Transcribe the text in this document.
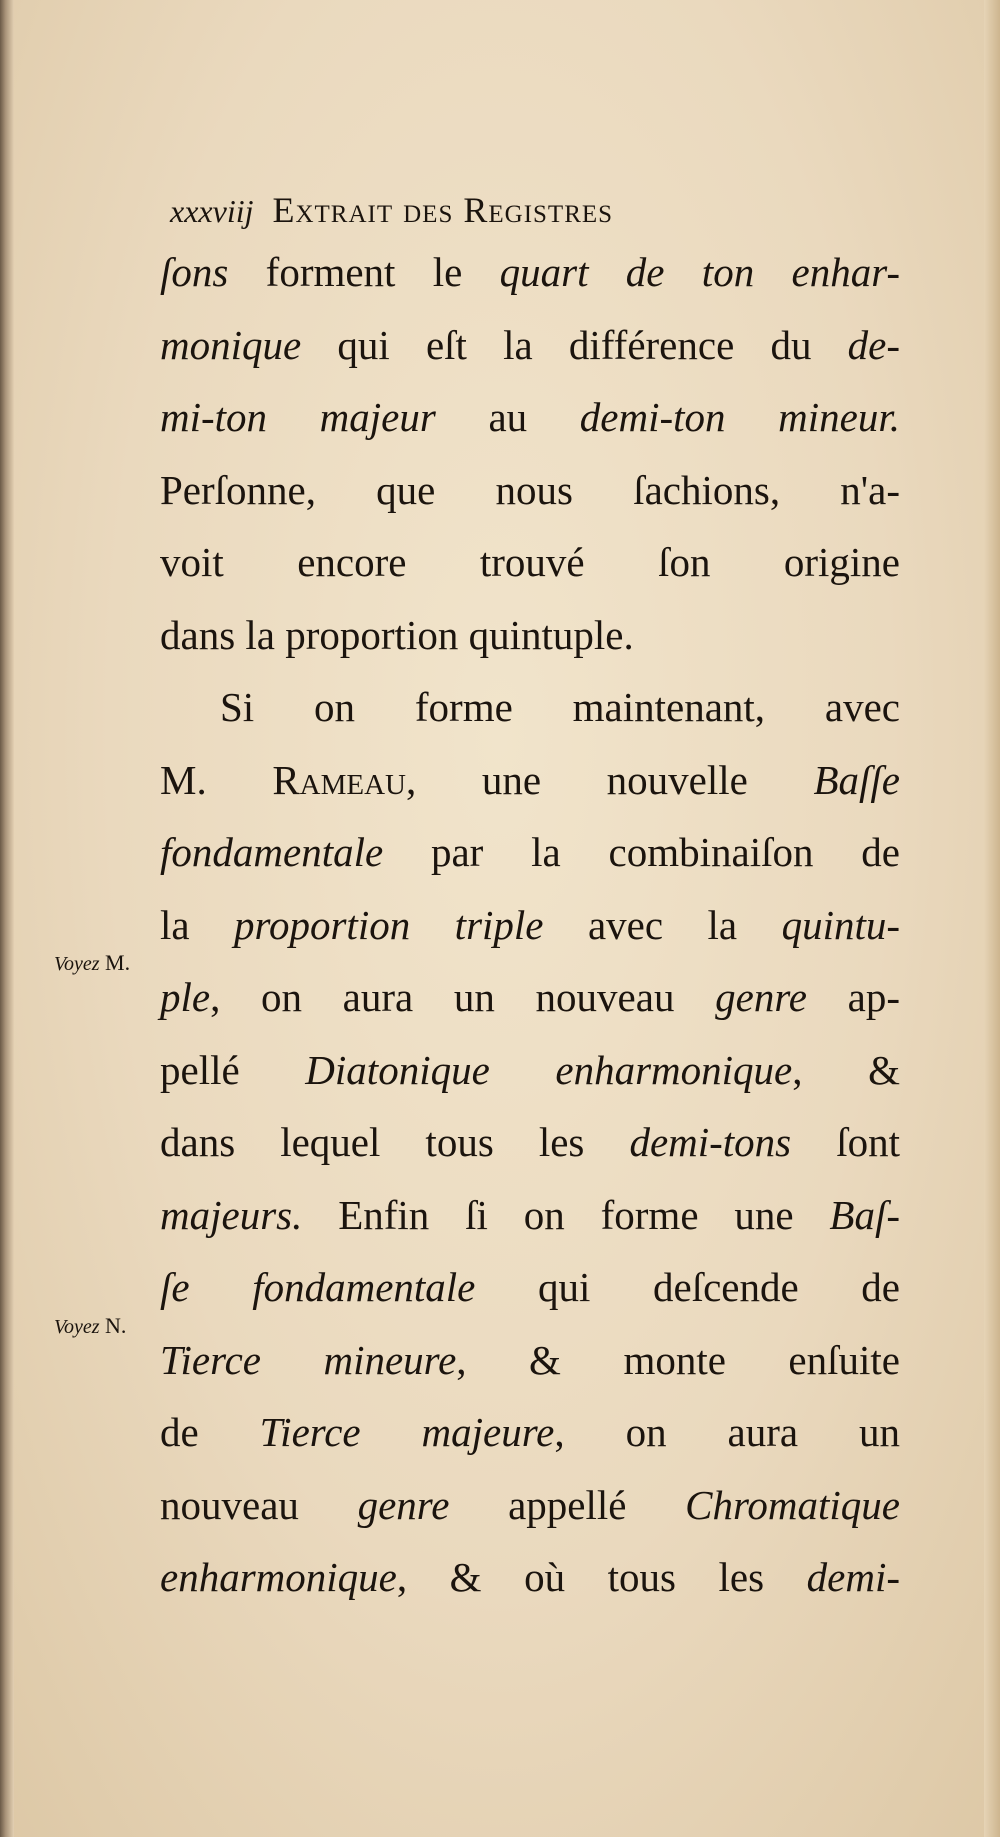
xxxviij Extrait des Registres
Voyez M.
Voyez N.
ſons forment le quart de ton enhar-
monique qui eſt la différence du de-
mi-ton majeur au demi-ton mineur.
Perſonne, que nous ſachions, n'a-
voit encore trouvé ſon origine
dans la proportion quintuple.
Si on forme maintenant, avec
M. Rameau, une nouvelle Baſſe
fondamentale par la combinaiſon de
la proportion triple avec la quintu-
ple, on aura un nouveau genre ap-
pellé Diatonique enharmonique, &
dans lequel tous les demi-tons ſont
majeurs. Enfin ſi on forme une Baſ-
ſe fondamentale qui deſcende de
Tierce mineure, & monte enſuite
de Tierce majeure, on aura un
nouveau genre appellé Chromatique
enharmonique, & où tous les demi-
